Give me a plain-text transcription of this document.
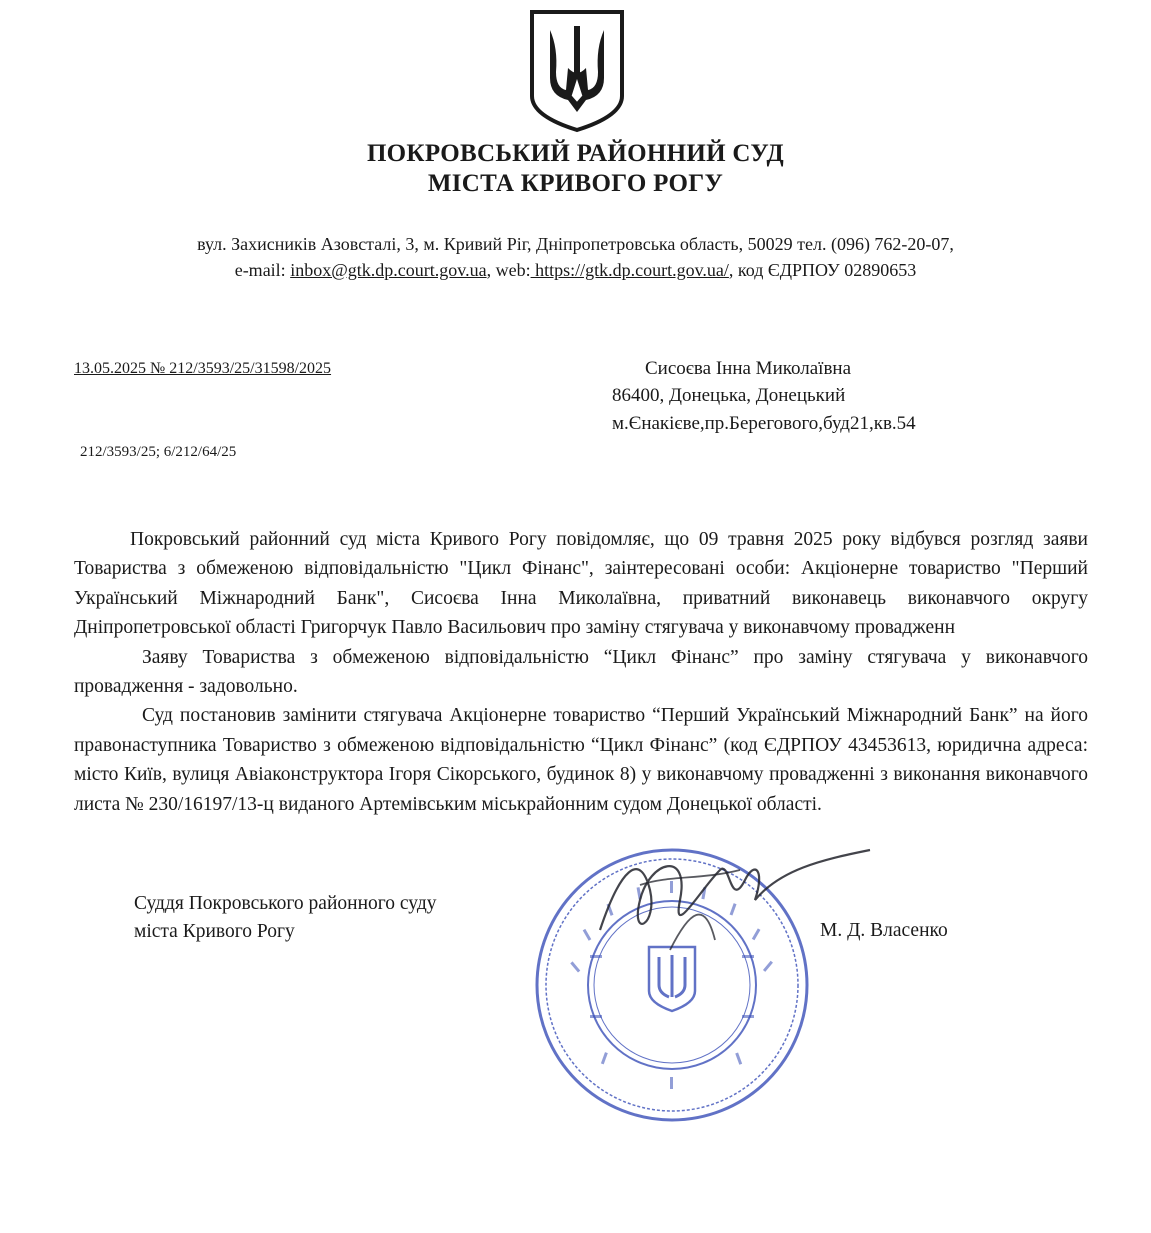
ПОКРОВСЬКИЙ РАЙОННИЙ СУД
МІСТА КРИВОГО РОГУ
вул. Захисників Азовсталі, 3, м. Кривий Ріг, Дніпропетровська область, 50029 тел. (096) 762-20-07,
e-mail: inbox@gtk.dp.court.gov.ua, web: https://gtk.dp.court.gov.ua/, код ЄДРПОУ 02890653
13.05.2025 № 212/3593/25/31598/2025
212/3593/25; 6/212/64/25
Сисоєва Інна Миколаївна
86400, Донецька, Донецький
м.Єнакієве,пр.Берегового,буд21,кв.54

Покровський районний суд міста Кривого Рогу повідомляє, що 09 травня 2025 року відбувся розгляд заяви Товариства з обмеженою відповідальністю "Цикл Фінанс", заінтересовані особи: Акціонерне товариство "Перший Український Міжнародний Банк", Сисоєва Інна Миколаївна, приватний виконавець виконавчого округу Дніпропетровської області Григорчук Павло Васильович про заміну стягувача у виконавчому провадженн

Заяву Товариства з обмеженою відповідальністю “Цикл Фінанс” про заміну стягувача у виконавчого провадження - задовольно.

Суд постановив замінити стягувача Акціонерне товариство “Перший Український Міжнародний Банк” на його правонаступника Товариство з обмеженою відповідальністю “Цикл Фінанс” (код ЄДРПОУ 43453613, юридична адреса: місто Київ, вулиця Авіаконструктора Ігоря Сікорського, будинок 8) у виконавчому провадженні з виконання виконавчого листа № 230/16197/13-ц виданого Артемівським міськрайонним судом Донецької області.

Суддя Покровського районного суду
міста Кривого Рогу	М. Д. Власенко
